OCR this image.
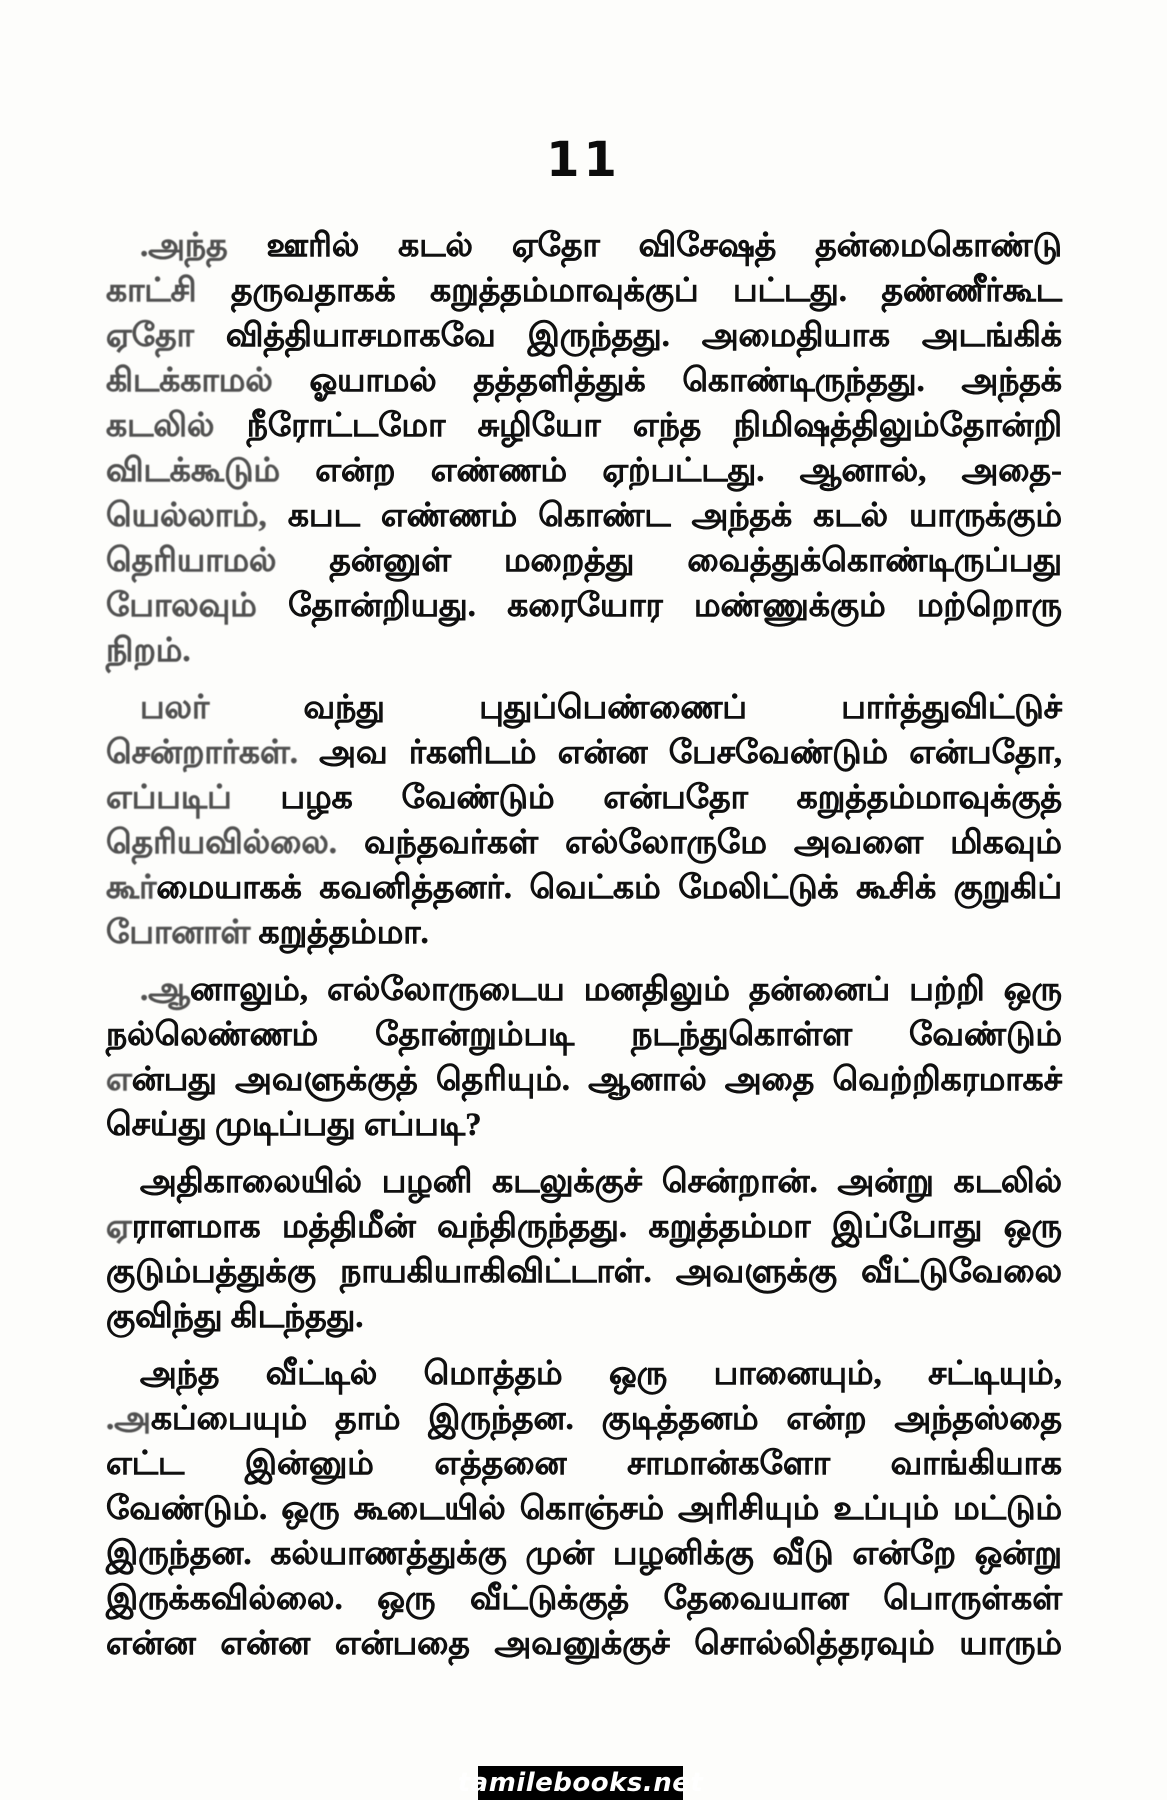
11
.அந்த ஊரில் கடல் ஏதோ விசேஷத் தன்மைகொண்டு
காட்சி தருவதாகக் கறுத்தம்மாவுக்குப் பட்டது. தண்ணீர்கூட
ஏதோ வித்தியாசமாகவே இருந்தது. அமைதியாக அடங்கிக்
கிடக்காமல் ஓயாமல் தத்தளித்துக் கொண்டிருந்தது. அந்தக்
கடலில் நீரோட்டமோ சுழியோ எந்த நிமிஷத்திலும்தோன்றி
விடக்கூடும் என்ற எண்ணம் ஏற்பட்டது. ஆனால், அதை-
யெல்லாம், கபட எண்ணம் கொண்ட அந்தக் கடல் யாருக்கும்
தெரியாமல் தன்னுள் மறைத்து வைத்துக்கொண்டிருப்பது
போலவும் தோன்றியது. கரையோர மண்ணுக்கும் மற்றொரு
நிறம்.
பலர் வந்து புதுப்பெண்ணைப் பார்த்துவிட்டுச்
சென்றார்கள். அவ ர்களிடம் என்ன பேசவேண்டும் என்பதோ,
எப்படிப் பழக வேண்டும் என்பதோ கறுத்தம்மாவுக்குத்
தெரியவில்லை. வந்தவர்கள் எல்லோருமே அவளை மிகவும்
கூர்மையாகக் கவனித்தனர். வெட்கம் மேலிட்டுக் கூசிக் குறுகிப்
போனாள் கறுத்தம்மா.
.ஆனாலும், எல்லோருடைய மனதிலும் தன்னைப் பற்றி ஒரு
நல்லெண்ணம் தோன்றும்படி நடந்துகொள்ள வேண்டும்
என்பது அவளுக்குத் தெரியும். ஆனால் அதை வெற்றிகரமாகச்
செய்து முடிப்பது எப்படி?
அதிகாலையில் பழனி கடலுக்குச் சென்றான். அன்று கடலில்
ஏராளமாக மத்திமீன் வந்திருந்தது. கறுத்தம்மா இப்போது ஒரு
குடும்பத்துக்கு நாயகியாகிவிட்டாள். அவளுக்கு வீட்டுவேலை
குவிந்து கிடந்தது.
அந்த வீட்டில் மொத்தம் ஒரு பானையும், சட்டியும்,
.அகப்பையும் தாம் இருந்தன. குடித்தனம் என்ற அந்தஸ்தை
எட்ட இன்னும் எத்தனை சாமான்களோ வாங்கியாக
வேண்டும். ஒரு கூடையில் கொஞ்சம் அரிசியும் உப்பும் மட்டும்
இருந்தன. கல்யாணத்துக்கு முன் பழனிக்கு வீடு என்றே ஒன்று
இருக்கவில்லை. ஒரு வீட்டுக்குத் தேவையான பொருள்கள்
என்ன என்ன என்பதை அவனுக்குச் சொல்லித்தரவும் யாரும்
tamilebooks.net
